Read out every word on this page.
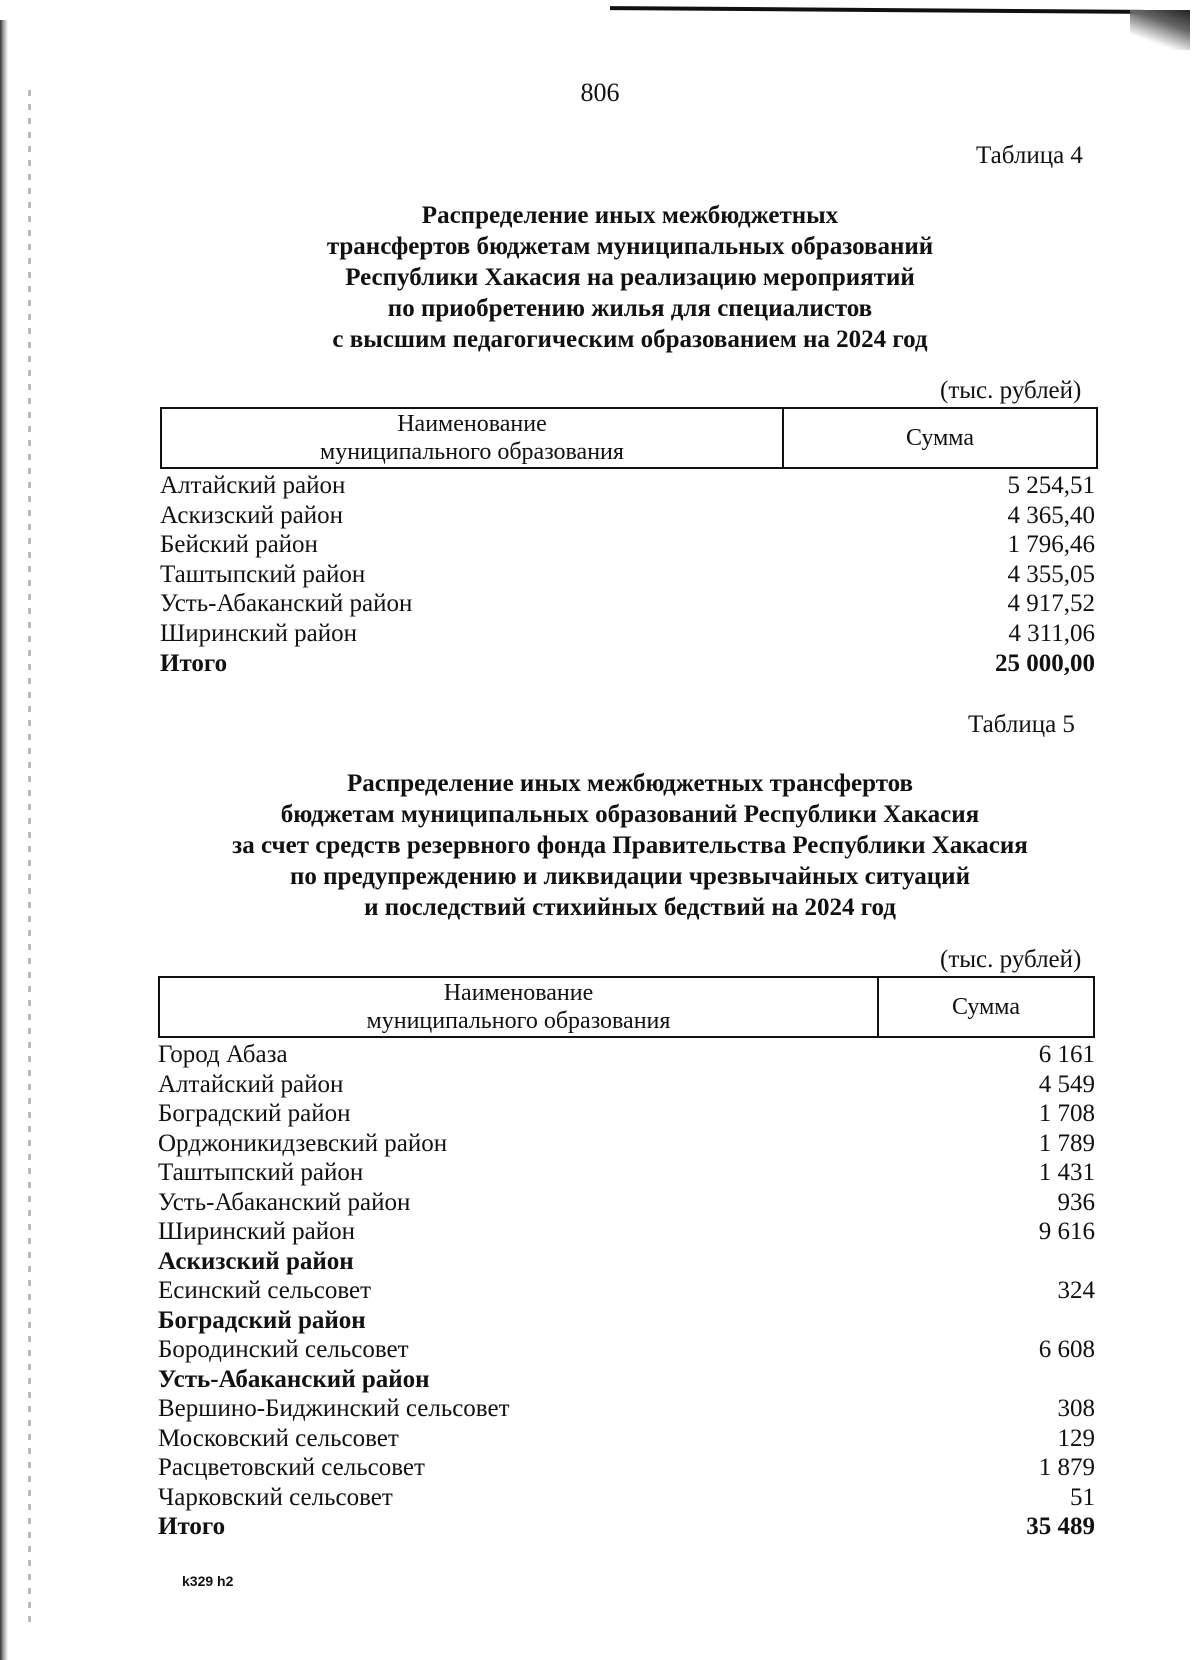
806
Таблица 4
Распределение иных межбюджетных
трансфертов бюджетам муниципальных образований
Республики Хакасия на реализацию мероприятий
по приобретению жилья для специалистов
с высшим педагогическим образованием на 2024 год
(тыс. рублей)
Наименование
муниципального образования
Сумма
Алтайский район	5 254,51
Аскизский район	4 365,40
Бейский район	1 796,46
Таштыпский район	4 355,05
Усть-Абаканский район	4 917,52
Ширинский район	4 311,06
Итого	25 000,00
Таблица 5
Распределение иных межбюджетных трансфертов
бюджетам муниципальных образований Республики Хакасия
за счет средств резервного фонда Правительства Республики Хакасия
по предупреждению и ликвидации чрезвычайных ситуаций
и последствий стихийных бедствий на 2024 год
(тыс. рублей)
Наименование
муниципального образования
Сумма
Город Абаза	6 161
Алтайский район	4 549
Боградский район	1 708
Орджоникидзевский район	1 789
Таштыпский район	1 431
Усть-Абаканский район	936
Ширинский район	9 616
Аскизский район
Есинский сельсовет	324
Боградский район
Бородинский сельсовет	6 608
Усть-Абаканский район
Вершино-Биджинский сельсовет	308
Московский сельсовет	129
Расцветовский сельсовет	1 879
Чарковский сельсовет	51
Итого	35 489
k329 h2
